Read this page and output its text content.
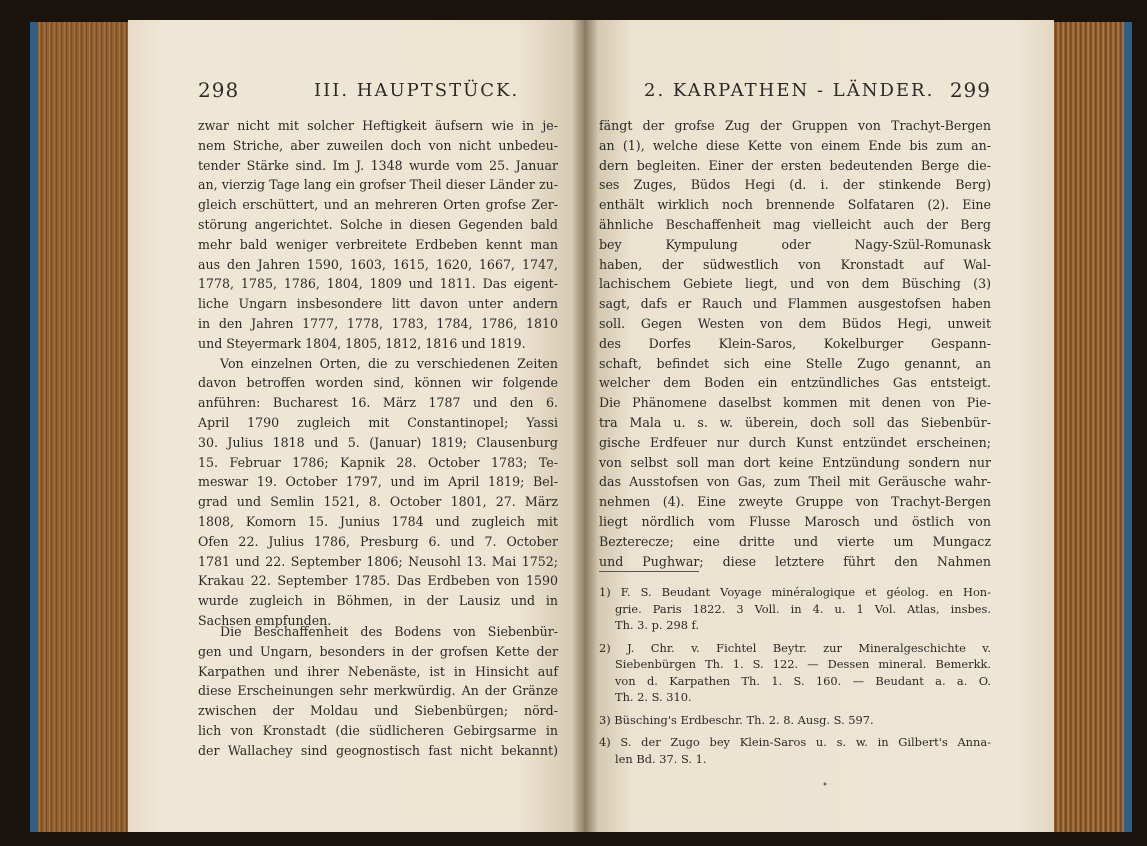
298	III. HAUPTSTÜCK.
zwar nicht mit solcher Heftigkeit äufsern wie in je-
nem Striche, aber zuweilen doch von nicht unbedeu-
tender Stärke sind. Im J. 1348 wurde vom 25. Januar
an, vierzig Tage lang ein grofser Theil dieser Länder zu-
gleich erschüttert, und an mehreren Orten grofse Zer-
störung angerichtet. Solche in diesen Gegenden bald
mehr bald weniger verbreitete Erdbeben kennt man
aus den Jahren 1590, 1603, 1615, 1620, 1667, 1747,
1778, 1785, 1786, 1804, 1809 und 1811. Das eigent-
liche Ungarn insbesondere litt davon unter andern
in den Jahren 1777, 1778, 1783, 1784, 1786, 1810
und Steyermark 1804, 1805, 1812, 1816 und 1819.
Von einzelnen Orten, die zu verschiedenen Zeiten
davon betroffen worden sind, können wir folgende
anführen: Bucharest 16. März 1787 und den 6.
April 1790 zugleich mit Constantinopel; Yassi
30. Julius 1818 und 5. (Januar) 1819; Clausenburg
15. Februar 1786; Kapnik 28. October 1783; Te-
meswar 19. October 1797, und im April 1819; Bel-
grad und Semlin 1521, 8. October 1801, 27. März
1808, Komorn 15. Junius 1784 und zugleich mit
Ofen 22. Julius 1786, Presburg 6. und 7. October
1781 und 22. September 1806; Neusohl 13. Mai 1752;
Krakau 22. September 1785. Das Erdbeben von 1590
wurde zugleich in Böhmen, in der Lausiz und in
Sachsen empfunden.
Die Beschaffenheit des Bodens von Siebenbür-
gen und Ungarn, besonders in der grofsen Kette der
Karpathen und ihrer Nebenäste, ist in Hinsicht auf
diese Erscheinungen sehr merkwürdig. An der Gränze
zwischen der Moldau und Siebenbürgen; nörd-
lich von Kronstadt (die südlicheren Gebirgsarme in
der Wallachey sind geognostisch fast nicht bekannt)
2. KARPATHEN - LÄNDER. 299
fängt der grofse Zug der Gruppen von Trachyt-Bergen
an (1), welche diese Kette von einem Ende bis zum an-
dern begleiten. Einer der ersten bedeutenden Berge die-
ses Zuges, Büdos Hegi (d. i. der stinkende Berg)
enthält wirklich noch brennende Solfataren (2). Eine
ähnliche Beschaffenheit mag vielleicht auch der Berg
bey Kympulung oder Nagy-Szül-Romunask
haben, der südwestlich von Kronstadt auf Wal-
lachischem Gebiete liegt, und von dem Büsching (3)
sagt, dafs er Rauch und Flammen ausgestofsen haben
soll. Gegen Westen von dem Büdos Hegi, unweit
des Dorfes Klein-Saros, Kokelburger Gespann-
schaft, befindet sich eine Stelle Zugo genannt, an
welcher dem Boden ein entzündliches Gas entsteigt.
Die Phänomene daselbst kommen mit denen von Pie-
tra Mala u. s. w. überein, doch soll das Siebenbür-
gische Erdfeuer nur durch Kunst entzündet erscheinen;
von selbst soll man dort keine Entzündung sondern nur
das Ausstofsen von Gas, zum Theil mit Geräusche wahr-
nehmen (4). Eine zweyte Gruppe von Trachyt-Bergen
liegt nördlich vom Flusse Marosch und östlich von
Bezterecze; eine dritte und vierte um Mungacz
und Pughwar; diese letztere führt den Nahmen
1) F. S. Beudant Voyage minéralogique et géolog. en Hon-
grie. Paris 1822. 3 Voll. in 4. u. 1 Vol. Atlas, insbes.
Th. 3. p. 298 f.
2) J. Chr. v. Fichtel Beytr. zur Mineralgeschichte v.
Siebenbürgen Th. 1. S. 122. — Dessen mineral. Bemerkk.
von d. Karpathen Th. 1. S. 160. — Beudant a. a. O.
Th. 2. S. 310.
3) Büsching's Erdbeschr. Th. 2. 8. Ausg. S. 597.
4) S. der Zugo bey Klein-Saros u. s. w. in Gilbert's Anna-
len Bd. 37. S. 1.
•
